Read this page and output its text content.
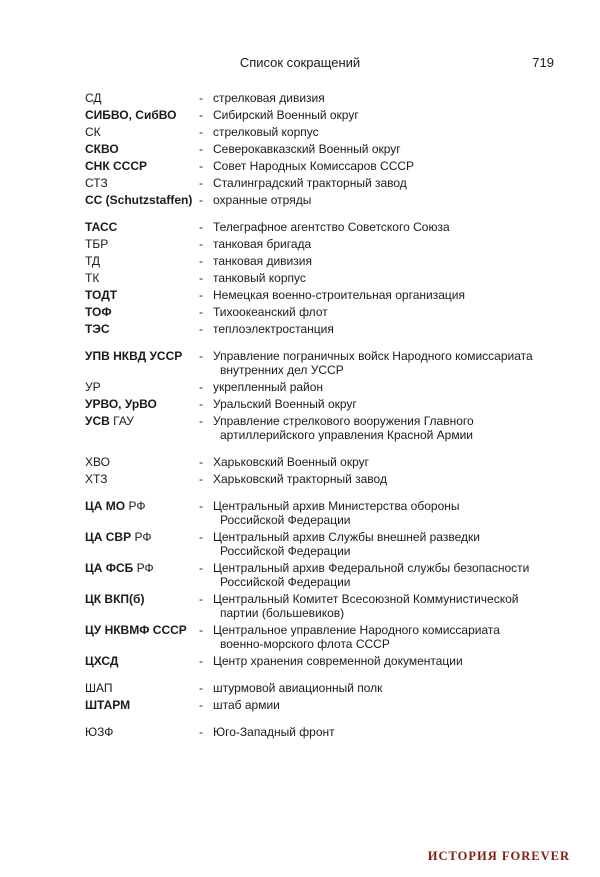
Список сокращений	719
СД	- стрелковая дивизия
СИБВО, СибВО	- Сибирский Военный округ
СК	- стрелковый корпус
СКВО	- Северокавказский Военный округ
СНК СССР	- Совет Народных Комиссаров СССР
СТЗ	- Сталинградский тракторный завод
СС (Schutzstaffen) - охранные отряды
ТАСС	- Телеграфное агентство Советского Союза
ТБР	- танковая бригада
ТД	- танковая дивизия
ТК	- танковый корпус
ТОДТ	- Немецкая военно-строительная организация
ТОФ	- Тихоокеанский флот
ТЭС	- теплоэлектростанция
УПВ НКВД УССР	- Управление пограничных войск Народного комиссариата
внутренних дел УССР
УР	- укрепленный район
УРВО, УрВО	- Уральский Военный округ
УСВ ГАУ	- Управление стрелкового вооружения Главного
артиллерийского управления Красной Армии
ХВО	- Харьковский Военный округ
ХТЗ	- Харьковский тракторный завод
ЦА МО РФ	- Центральный архив Министерства обороны
Российской Федерации
ЦА СВР РФ	- Центральный архив Службы внешней разведки
Российской Федерации
ЦА ФСБ РФ	- Центральный архив Федеральной службы безопасности
Российской Федерации
ЦК ВКП(б)	- Центральный Комитет Всесоюзной Коммунистической
партии (большевиков)
ЦУ НКВМФ СССР	- Центральное управление Народного комиссариата
военно-морского флота СССР
ЦХСД	- Центр хранения современной документации
ШАП	- штурмовой авиационный полк
ШТАРМ	- штаб армии
ЮЗФ	- Юго-Западный фронт
ИСТОРИЯ FOREVER
